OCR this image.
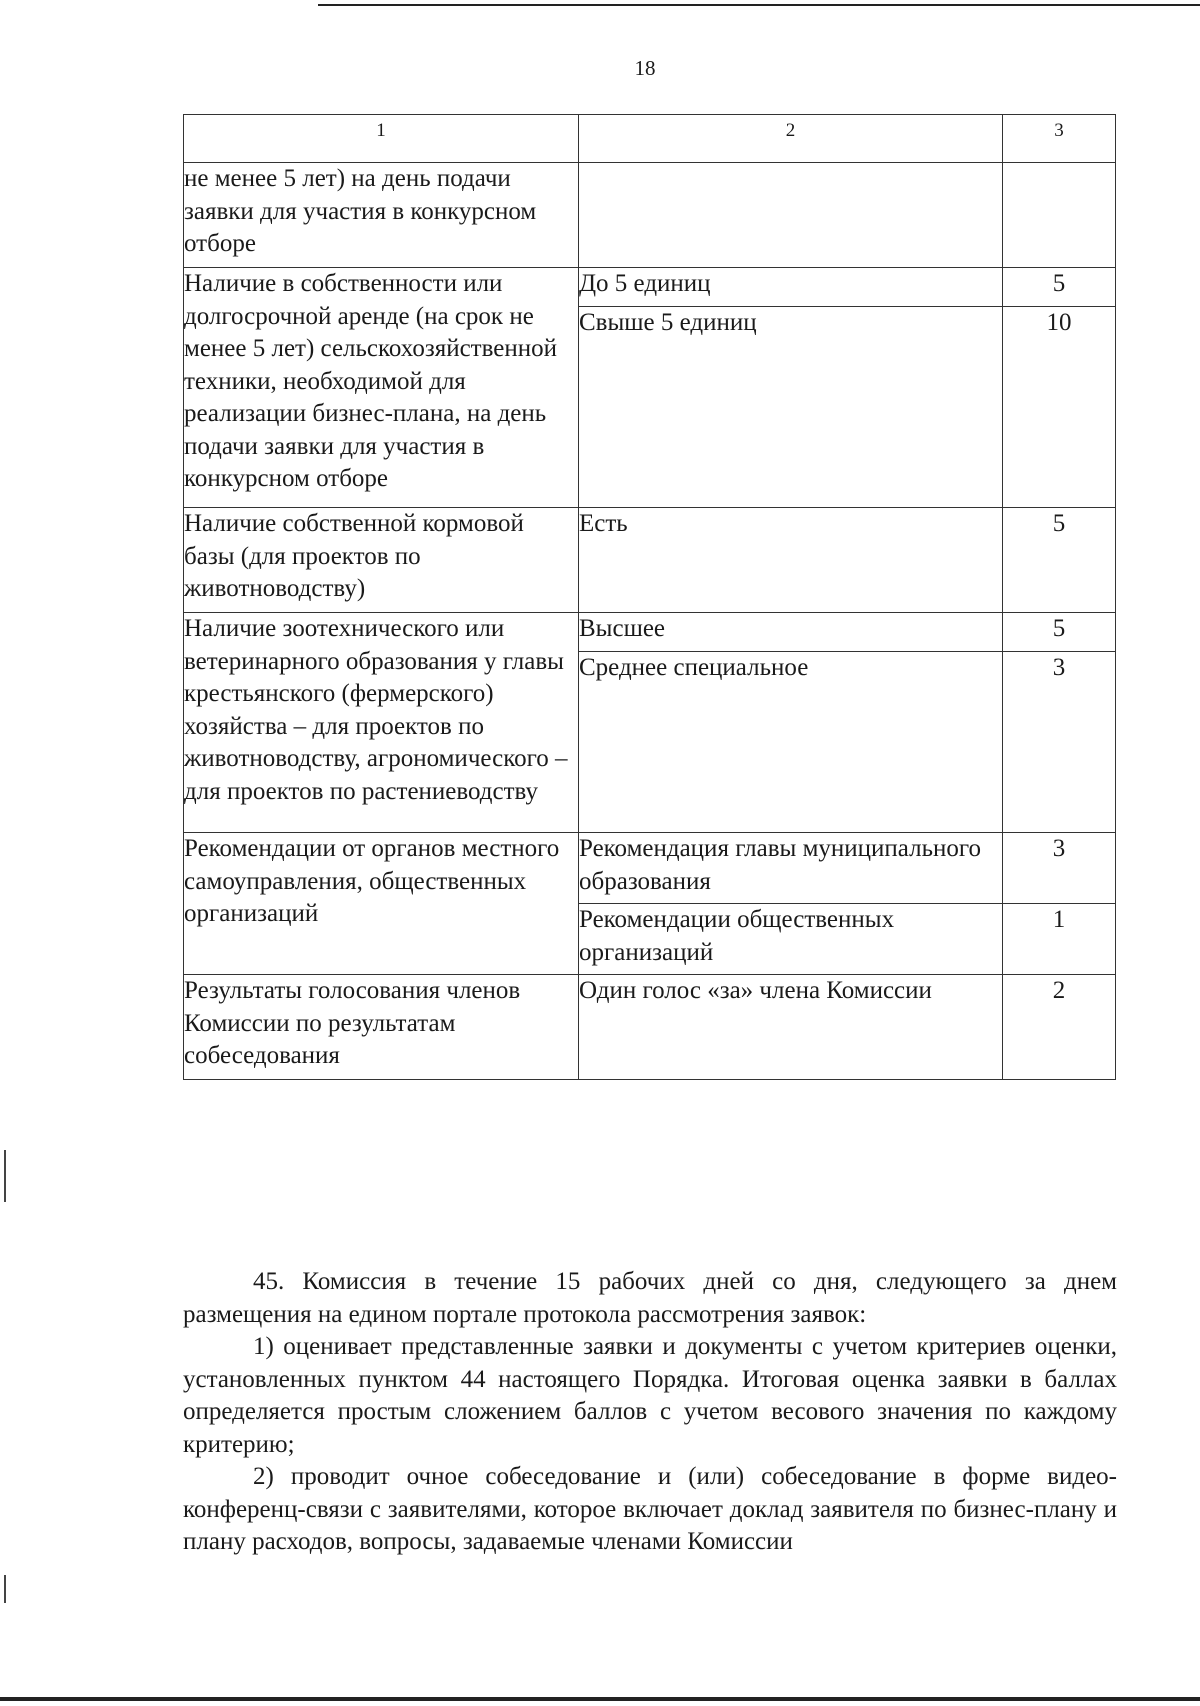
18
1	2	3
не менее 5 лет) на день подачи заявки для участия в конкурсном отборе		
Наличие в собственности или долгосрочной аренде (на срок не менее 5 лет) сельскохозяйственной техники, необходимой для реализации бизнес-плана, на день подачи заявки для участия в конкурсном отборе	До 5 единиц	5
	Свыше 5 единиц	10
Наличие собственной кормовой базы (для проектов по животноводству)	Есть	5
Наличие зоотехнического или ветеринарного образования у главы крестьянского (фермерского) хозяйства – для проектов по животноводству, агрономического – для проектов по растениеводству	Высшее	5
	Среднее специальное	3
Рекомендации от органов местного самоуправления, общественных организаций	Рекомендация главы муниципального образования	3
	Рекомендации общественных организаций	1
Результаты голосования членов Комиссии по результатам собеседования	Один голос «за» члена Комиссии	2

45. Комиссия в течение 15 рабочих дней со дня, следующего за днем размещения на едином портале протокола рассмотрения заявок:

1) оценивает представленные заявки и документы с учетом критериев оценки, установленных пунктом 44 настоящего Порядка. Итоговая оценка заявки в баллах определяется простым сложением баллов с учетом весового значения по каждому критерию;

2) проводит очное собеседование и (или) собеседование в форме видео-конференц-связи с заявителями, которое включает доклад заявителя по бизнес-плану и плану расходов, вопросы, задаваемые членами Комиссии
